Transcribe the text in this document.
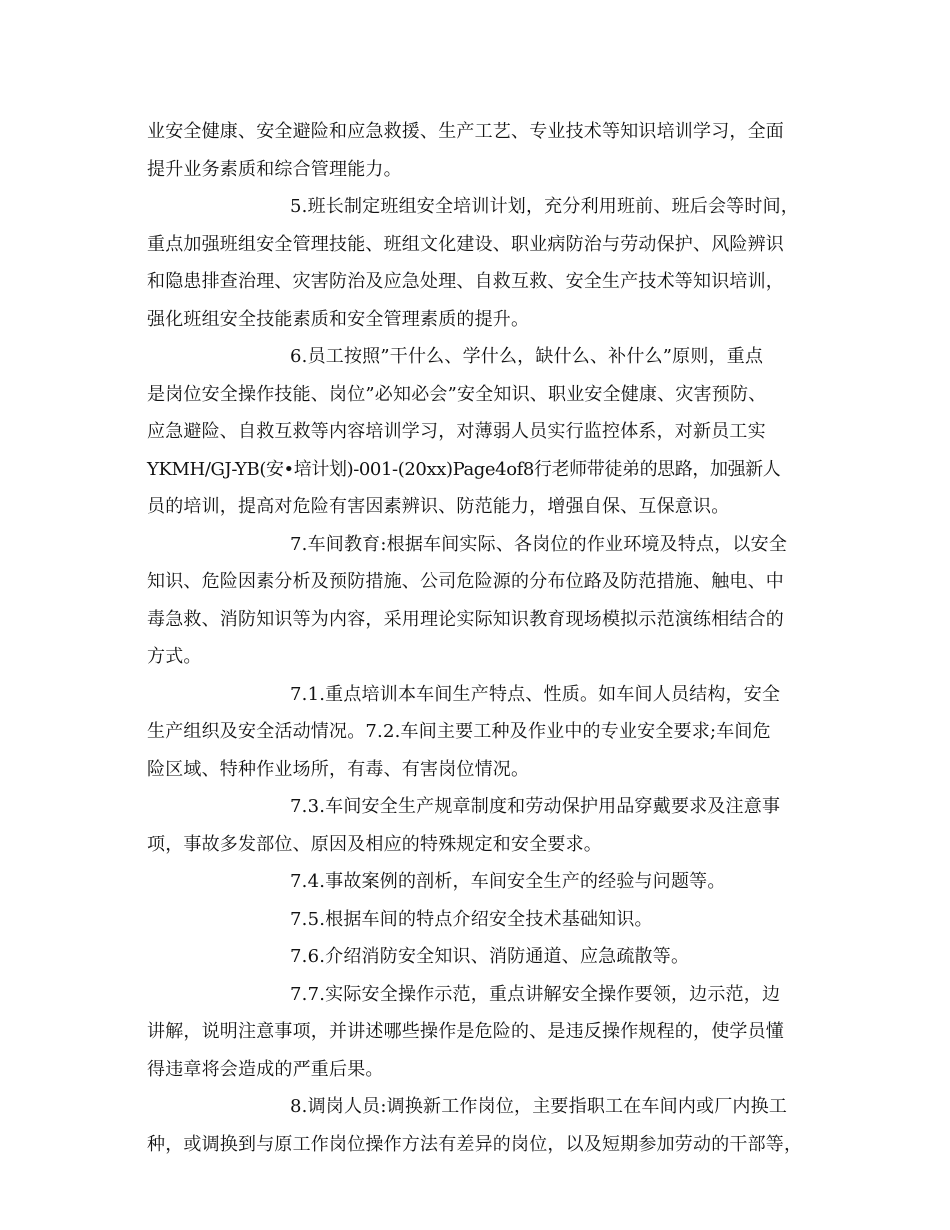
业安全健康、安全避险和应急救援、生产工艺、专业技术等知识培训学习，全面
提升业务素质和综合管理能力。
5.班长制定班组安全培训计划，充分利用班前、班后会等时间，
重点加强班组安全管理技能、班组文化建设、职业病防治与劳动保护、风险辨识
和隐患排查治理、灾害防治及应急处理、自救互救、安全生产技术等知识培训，
强化班组安全技能素质和安全管理素质的提升。
6.员工按照”干什么、学什么，缺什么、补什么”原则，重点
是岗位安全操作技能、岗位”必知必会”安全知识、职业安全健康、灾害预防、
应急避险、自救互救等内容培训学习，对薄弱人员实行监控体系，对新员工实
YKMH/GJ-YB(安•培计划)-001-(20xx)Page4of8行老师带徒弟的思路，加强新人
员的培训，提高对危险有害因素辨识、防范能力，增强自保、互保意识。
7.车间教育:根据车间实际、各岗位的作业环境及特点，以安全
知识、危险因素分析及预防措施、公司危险源的分布位路及防范措施、触电、中
毒急救、消防知识等为内容，采用理论实际知识教育现场模拟示范演练相结合的
方式。
7.1.重点培训本车间生产特点、性质。如车间人员结构，安全
生产组织及安全活动情况。7.2.车间主要工种及作业中的专业安全要求;车间危
险区域、特种作业场所，有毒、有害岗位情况。
7.3.车间安全生产规章制度和劳动保护用品穿戴要求及注意事
项，事故多发部位、原因及相应的特殊规定和安全要求。
7.4.事故案例的剖析，车间安全生产的经验与问题等。
7.5.根据车间的特点介绍安全技术基础知识。
7.6.介绍消防安全知识、消防通道、应急疏散等。
7.7.实际安全操作示范，重点讲解安全操作要领，边示范，边
讲解，说明注意事项，并讲述哪些操作是危险的、是违反操作规程的，使学员懂
得违章将会造成的严重后果。
8.调岗人员:调换新工作岗位，主要指职工在车间内或厂内换工
种，或调换到与原工作岗位操作方法有差异的岗位，以及短期参加劳动的干部等，
